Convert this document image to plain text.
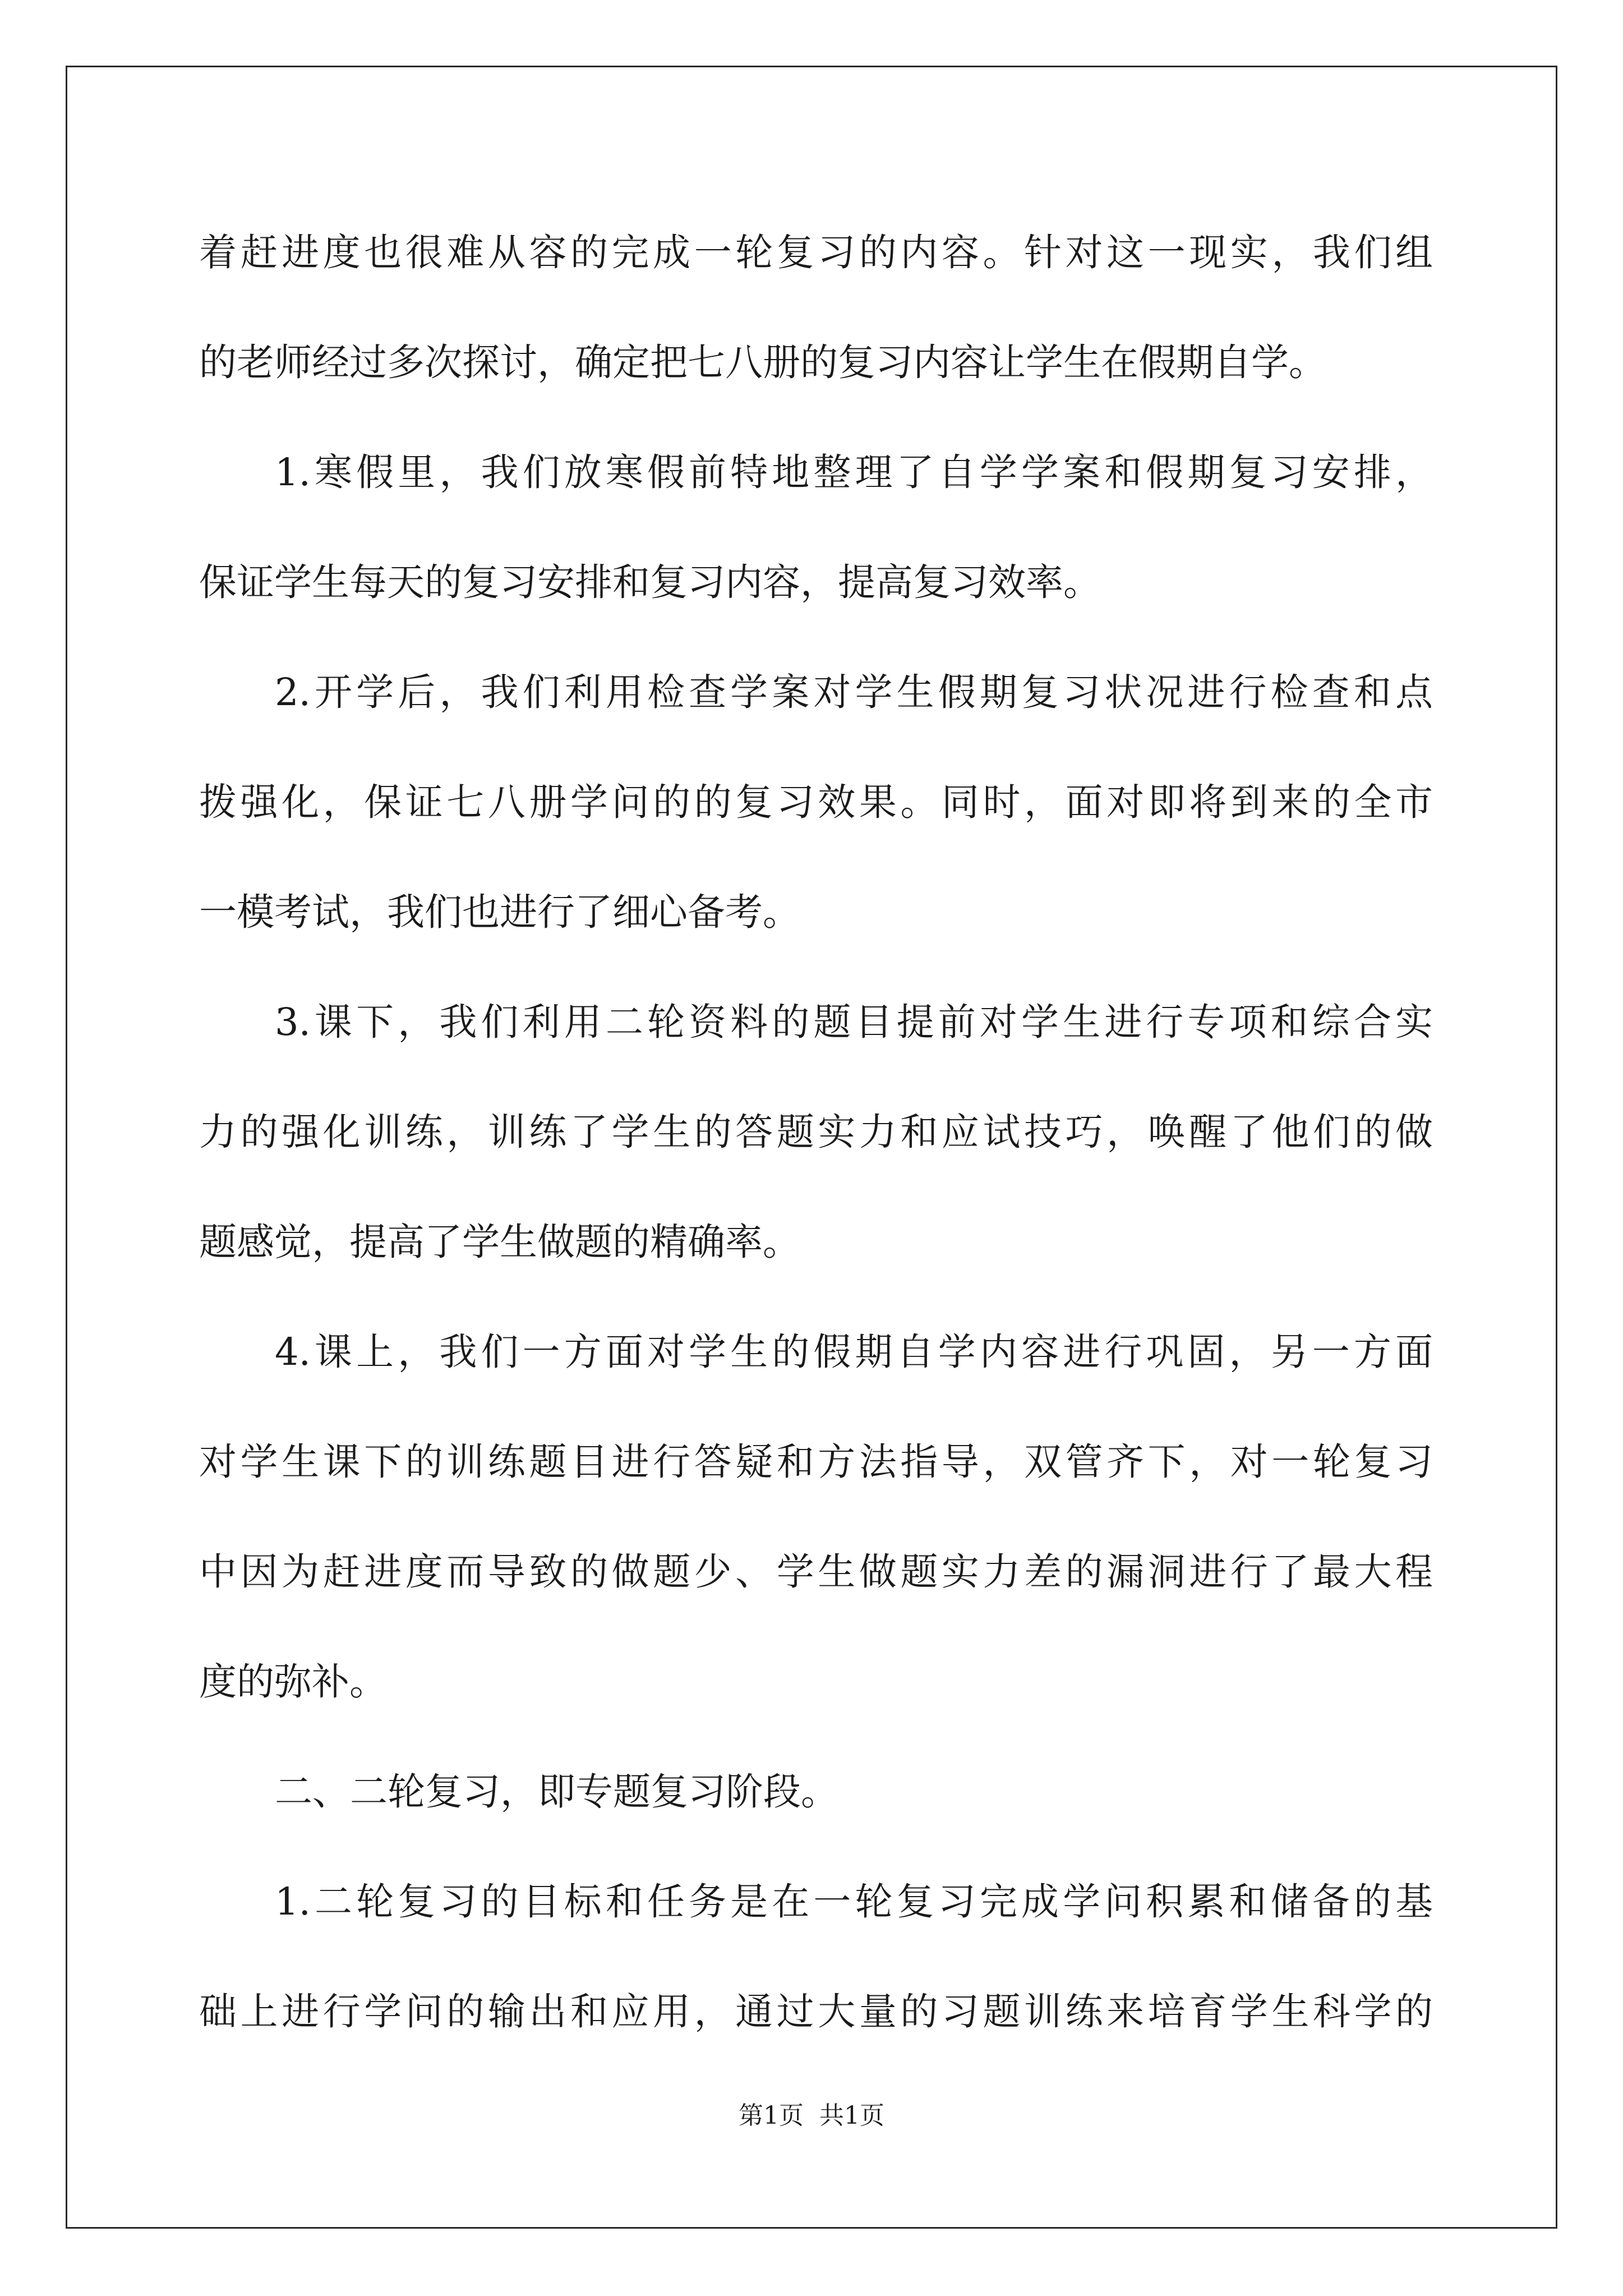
着赶进度也很难从容的完成一轮复习的内容。针对这一现实，我们组
的老师经过多次探讨，确定把七八册的复习内容让学生在假期自学。
1.寒假里，我们放寒假前特地整理了自学学案和假期复习安排，
保证学生每天的复习安排和复习内容，提高复习效率。
2.开学后，我们利用检查学案对学生假期复习状况进行检查和点
拨强化，保证七八册学问的的复习效果。同时，面对即将到来的全市
一模考试，我们也进行了细心备考。
3.课下，我们利用二轮资料的题目提前对学生进行专项和综合实
力的强化训练，训练了学生的答题实力和应试技巧，唤醒了他们的做
题感觉，提高了学生做题的精确率。
4.课上，我们一方面对学生的假期自学内容进行巩固，另一方面
对学生课下的训练题目进行答疑和方法指导，双管齐下，对一轮复习
中因为赶进度而导致的做题少、学生做题实力差的漏洞进行了最大程
度的弥补。
二、二轮复习，即专题复习阶段。
1.二轮复习的目标和任务是在一轮复习完成学问积累和储备的基
础上进行学问的输出和应用，通过大量的习题训练来培育学生科学的
第1页 共1页
